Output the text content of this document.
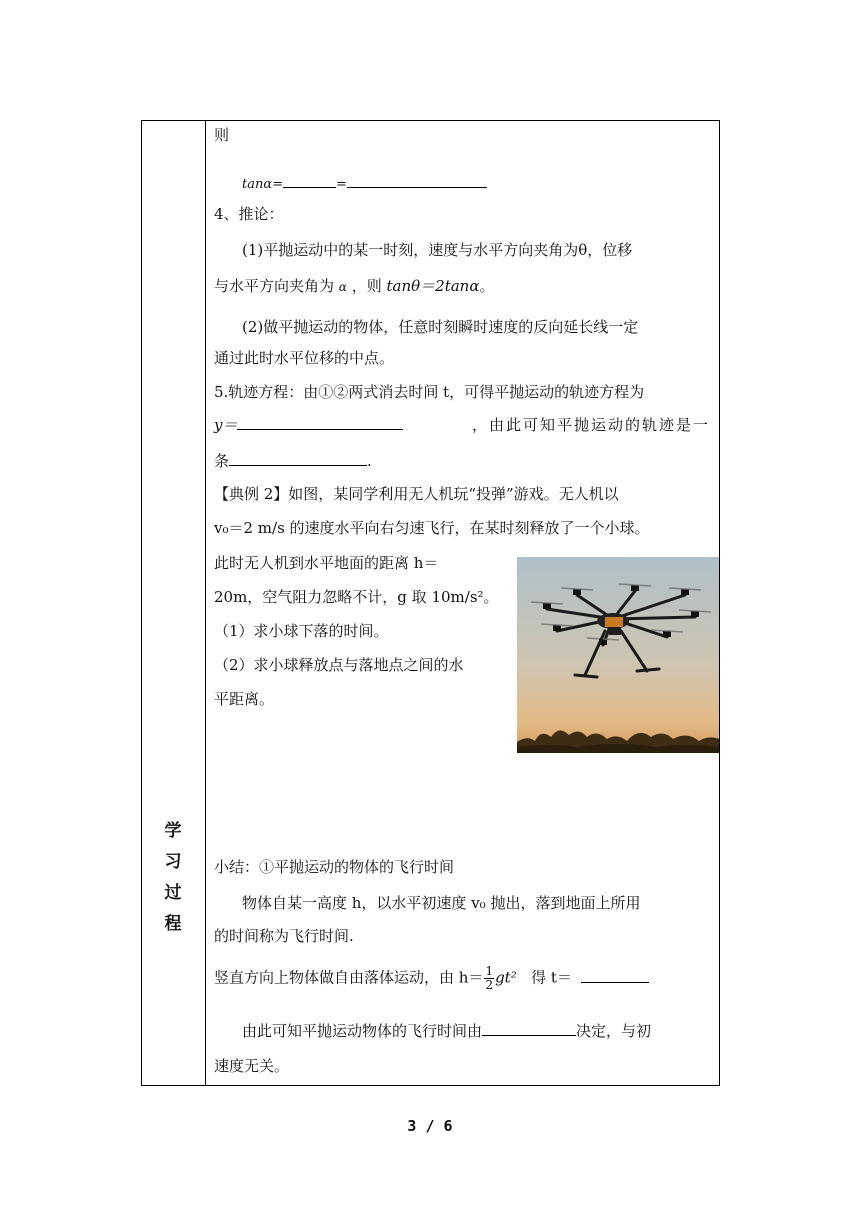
学
习
过
程
则
tanα=	=
4、推论：
(1)平抛运动中的某一时刻，速度与水平方向夹角为θ，位移
与水平方向夹角为 α ，则 tanθ＝2tanα。
(2)做平抛运动的物体，任意时刻瞬时速度的反向延长线一定
通过此时水平位移的中点。
5.轨迹方程：由①②两式消去时间 t，可得平抛运动的轨迹方程为
y＝	，由此可知平抛运动的轨迹是一
条	.
【典例 2】如图，某同学利用无人机玩“投弹”游戏。无人机以
v₀＝2 m/s 的速度水平向右匀速飞行，在某时刻释放了一个小球。
此时无人机到水平地面的距离 h＝
20m，空气阻力忽略不计，g 取 10m/s²。
（1）求小球下落的时间。
（2）求小球释放点与落地点之间的水
平距离。
小结：①平抛运动的物体的飞行时间
物体自某一高度 h，以水平初速度 v₀ 抛出，落到地面上所用
的时间称为飞行时间.
竖直方向上物体做自由落体运动，由 $h= \frac{1}{2} gt^2$ 得 t＝
由此可知平抛运动物体的飞行时间由	决定，与初
速度无关。
3 / 6
